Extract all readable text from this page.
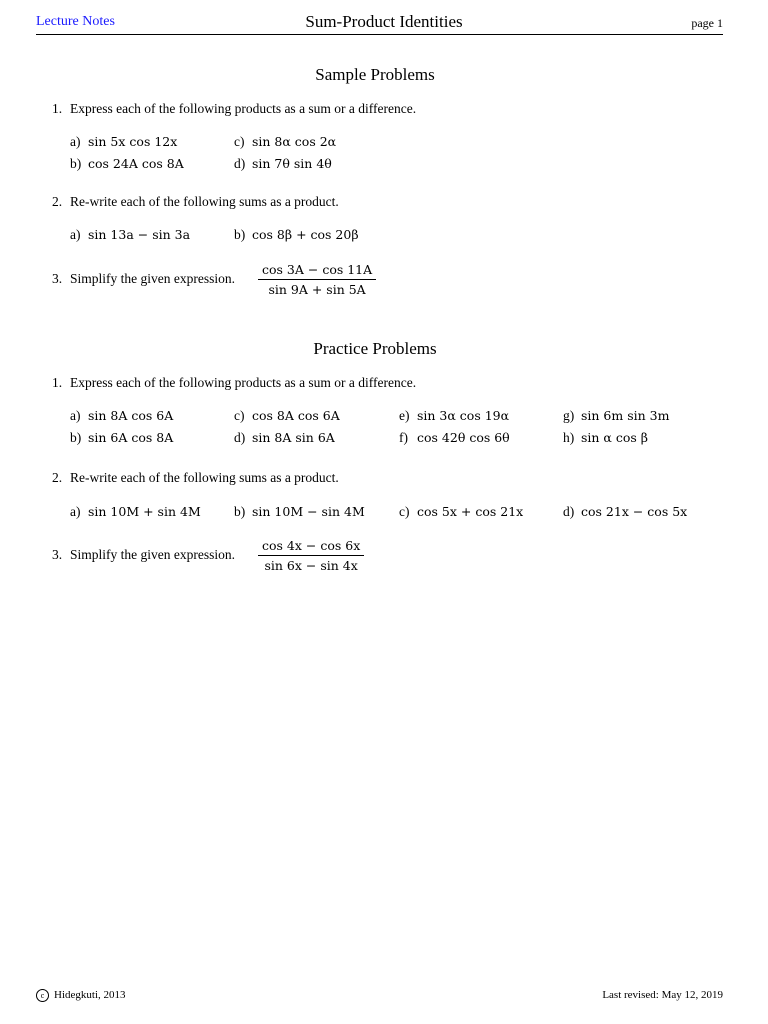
Lecture Notes	Sum-Product Identities	page 1
Sample Problems
1. Express each of the following products as a sum or a difference.
a) sin 5x cos 12x	c) sin 8α cos 2α
b) cos 24A cos 8A	d) sin 7θ sin 4θ
2. Re-write each of the following sums as a product.
a) sin 13a − sin 3a	b) cos 8β + cos 20β
3. Simplify the given expression. $\frac{\cos 3A - \cos 11A}{\sin 9A + \sin 5A}$
Practice Problems
1. Express each of the following products as a sum or a difference.
a) sin 8A cos 6A	c) cos 8A cos 6A	e) sin 3α cos 19α	g) sin 6m sin 3m
b) sin 6A cos 8A	d) sin 8A sin 6A	f) cos 42θ cos 6θ	h) sin α cos β
2. Re-write each of the following sums as a product.
a) sin 10M + sin 4M b) sin 10M − sin 4M	c) cos 5x + cos 21x	d) cos 21x − cos 5x
3. Simplify the given expression. $\frac{\cos 4x - \cos 6x}{\sin 6x - \sin 4x}$
c Hidegkuti, 2013	Last revised: May 12, 2019
